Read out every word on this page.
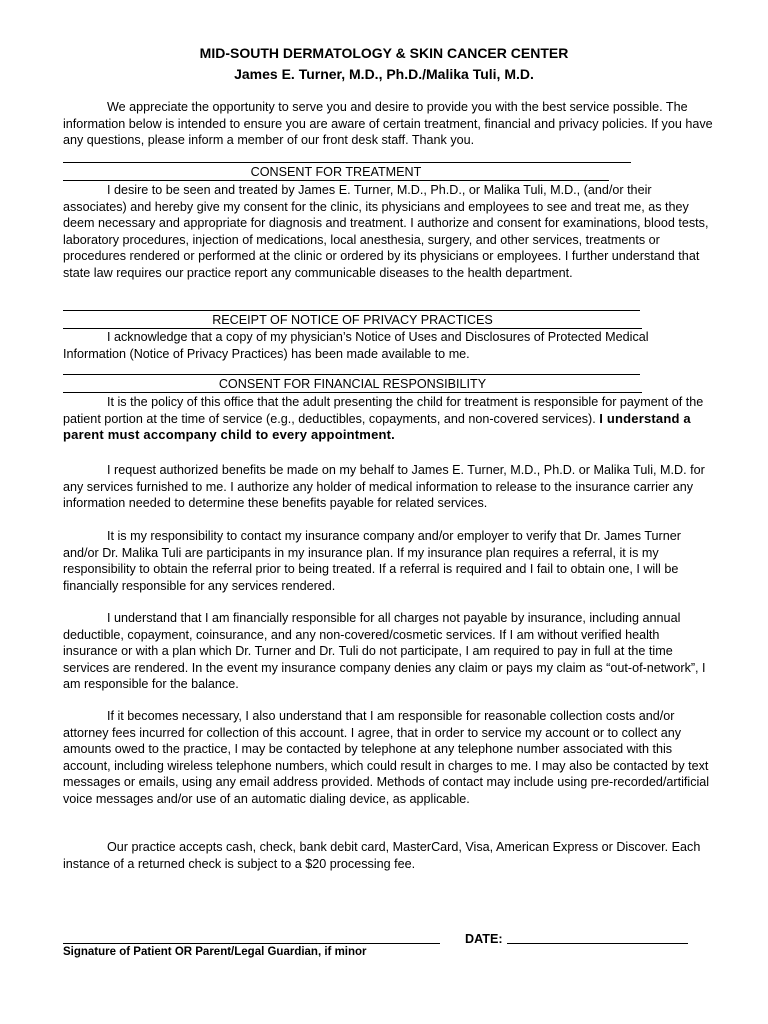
MID-SOUTH DERMATOLOGY & SKIN CANCER CENTER
James E. Turner, M.D., Ph.D./Malika Tuli, M.D.

We appreciate the opportunity to serve you and desire to provide you with the best service possible. The information below is intended to ensure you are aware of certain treatment, financial and privacy policies. If you have any questions, please inform a member of our front desk staff. Thank you.

CONSENT FOR TREATMENT

I desire to be seen and treated by James E. Turner, M.D., Ph.D., or Malika Tuli, M.D., (and/or their associates) and hereby give my consent for the clinic, its physicians and employees to see and treat me, as they deem necessary and appropriate for diagnosis and treatment. I authorize and consent for examinations, blood tests, laboratory procedures, injection of medications, local anesthesia, surgery, and other services, treatments or procedures rendered or performed at the clinic or ordered by its physicians or employees. I further understand that state law requires our practice report any communicable diseases to the health department.

RECEIPT OF NOTICE OF PRIVACY PRACTICES

I acknowledge that a copy of my physician’s Notice of Uses and Disclosures of Protected Medical Information (Notice of Privacy Practices) has been made available to me.

CONSENT FOR FINANCIAL RESPONSIBILITY

It is the policy of this office that the adult presenting the child for treatment is responsible for payment of the patient portion at the time of service (e.g., deductibles, copayments, and non-covered services). I understand a parent must accompany child to every appointment.

I request authorized benefits be made on my behalf to James E. Turner, M.D., Ph.D. or Malika Tuli, M.D. for any services furnished to me. I authorize any holder of medical information to release to the insurance carrier any information needed to determine these benefits payable for related services.

It is my responsibility to contact my insurance company and/or employer to verify that Dr. James Turner and/or Dr. Malika Tuli are participants in my insurance plan. If my insurance plan requires a referral, it is my responsibility to obtain the referral prior to being treated. If a referral is required and I fail to obtain one, I will be financially responsible for any services rendered.

I understand that I am financially responsible for all charges not payable by insurance, including annual deductible, copayment, coinsurance, and any non-covered/cosmetic services. If I am without verified health insurance or with a plan which Dr. Turner and Dr. Tuli do not participate, I am required to pay in full at the time services are rendered. In the event my insurance company denies any claim or pays my claim as “out-of-network”, I am responsible for the balance.

If it becomes necessary, I also understand that I am responsible for reasonable collection costs and/or attorney fees incurred for collection of this account. I agree, that in order to service my account or to collect any amounts owed to the practice, I may be contacted by telephone at any telephone number associated with this account, including wireless telephone numbers, which could result in charges to me. I may also be contacted by text messages or emails, using any email address provided. Methods of contact may include using pre-recorded/artificial voice messages and/or use of an automatic dialing device, as applicable.

Our practice accepts cash, check, bank debit card, MasterCard, Visa, American Express or Discover. Each instance of a returned check is subject to a $20 processing fee.

DATE:
Signature of Patient OR Parent/Legal Guardian, if minor
